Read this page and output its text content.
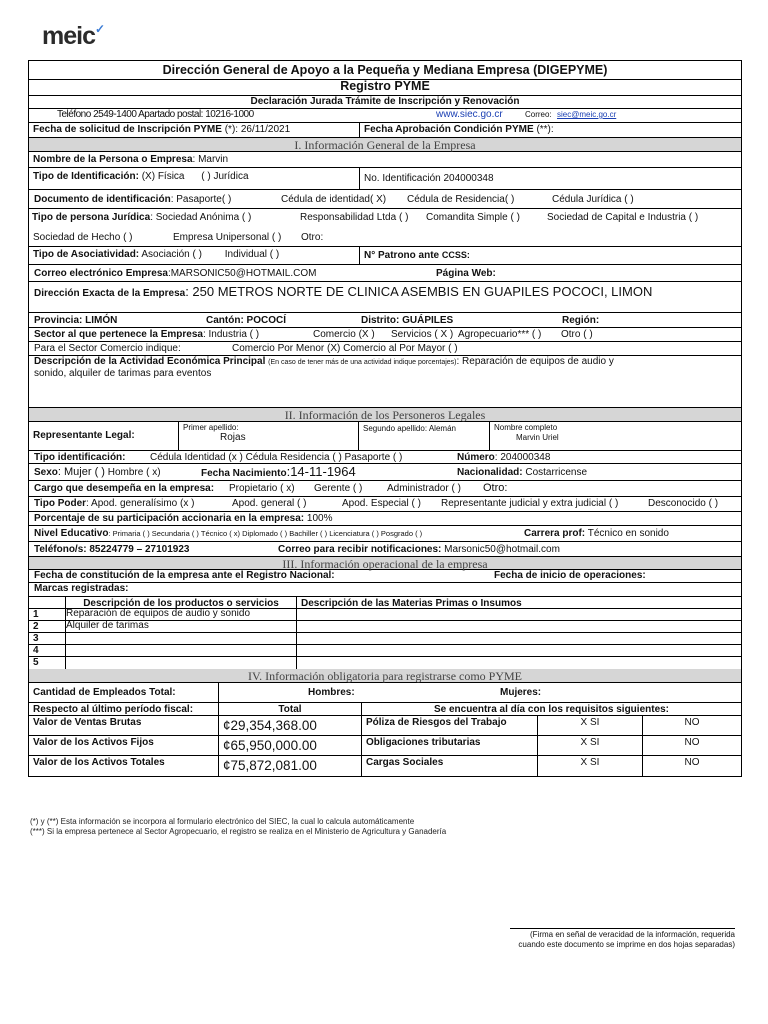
meic✓
Dirección General de Apoyo a la Pequeña y Mediana Empresa (DIGEPYME)
Registro PYME
Declaración Jurada Trámite de Inscripción y Renovación
Teléfono 2549-1400 Apartado postal: 10216-1000	www.siec.go.cr	Correo: siec@meic.go.cr
Fecha de solicitud de Inscripción PYME (*): 26/11/2021	Fecha Aprobación Condición PYME (**):
I. Información General de la Empresa
Nombre de la Persona o Empresa: Marvin
Tipo de Identificación: (X) Física ( ) Jurídica	No. Identificación 204000348
Documento de identificación: Pasaporte( )	Cédula de identidad( X) Cédula de Residencia( )	Cédula Jurídica ( )
Tipo de persona Jurídica: Sociedad Anónima ( )	Responsabilidad Ltda ( ) Comandita Simple ( )	Sociedad de Capital e Industria ( )
Sociedad de Hecho ( )	Empresa Unipersonal ( ) Otro:
Tipo de Asociatividad: Asociación ( ) Individual ( )	N° Patrono ante CCSS:
Correo electrónico Empresa:MARSONIC50@HOTMAIL.COM	Página Web:
Dirección Exacta de la Empresa: 250 METROS NORTE DE CLINICA ASEMBIS EN GUAPILES POCOCI, LIMON
Provincia: LIMÓN	Cantón: POCOCÍ	Distrito: GUÁPILES	Región:
Sector al que pertenece la Empresa: Industria ( )	Comercio (X ) Servicios ( X ) Agropecuario*** ( ) Otro ( )
Para el Sector Comercio indique:	Comercio Por Menor (X) Comercio al Por Mayor ( )
Descripción de la Actividad Económica Principal (En caso de tener más de una actividad indique porcentajes): Reparación de equipos de audio y
sonido, alquiler de tarimas para eventos
II. Información de los Personeros Legales
Representante Legal:
Primer apellido:
Rojas
Segundo apellido: Alemán	Nombre completo
Marvin Uriel
Tipo identificación: Cédula Identidad (x ) Cédula Residencia ( ) Pasaporte ( )	Número: 204000348
Sexo: Mujer ( ) Hombre ( x)	Fecha Nacimiento:14-11-1964	Nacionalidad: Costarricense
Cargo que desempeña en la empresa: Propietario ( x) Gerente ( ) Administrador ( ) Otro:
Tipo Poder: Apod. generalísimo (x )	Apod. general ( )	Apod. Especial ( ) Representante judicial y extra judicial ( )	Desconocido ( )
Porcentaje de su participación accionaria en la empresa: 100%
Nivel Educativo: Primaria ( ) Secundaria ( ) Técnico ( x) Diplomado ( ) Bachiller ( ) Licenciatura ( ) Posgrado ( )	Carrera prof: Técnico en sonido
Teléfono/s: 85224779 – 27101923	Correo para recibir notificaciones: Marsonic50@hotmail.com
III. Información operacional de la empresa
Fecha de constitución de la empresa ante el Registro Nacional:	Fecha de inicio de operaciones:
Marcas registradas:
Descripción de los productos o servicios	Descripción de las Materias Primas o Insumos
1	Reparación de equipos de audio y sonido
2	Alquiler de tarimas
3
4
5
IV. Información obligatoria para registrarse como PYME
Cantidad de Empleados Total:	Hombres:	Mujeres:
Respecto al último período fiscal:	Total	Se encuentra al día con los requisitos siguientes:
Valor de Ventas Brutas	¢29,354,368.00	Póliza de Riesgos del Trabajo	X SI	NO
Valor de los Activos Fijos	¢65,950,000.00	Obligaciones tributarias	X SI	NO
Valor de los Activos Totales	¢75,872,081.00	Cargas Sociales	X SI	NO
(*) y (**) Esta información se incorpora al formulario electrónico del SIEC, la cual lo calcula automáticamente
(***) Si la empresa pertenece al Sector Agropecuario, el registro se realiza en el Ministerio de Agricultura y Ganadería
(Firma en señal de veracidad de la información, requerida
cuando este documento se imprime en dos hojas separadas)
